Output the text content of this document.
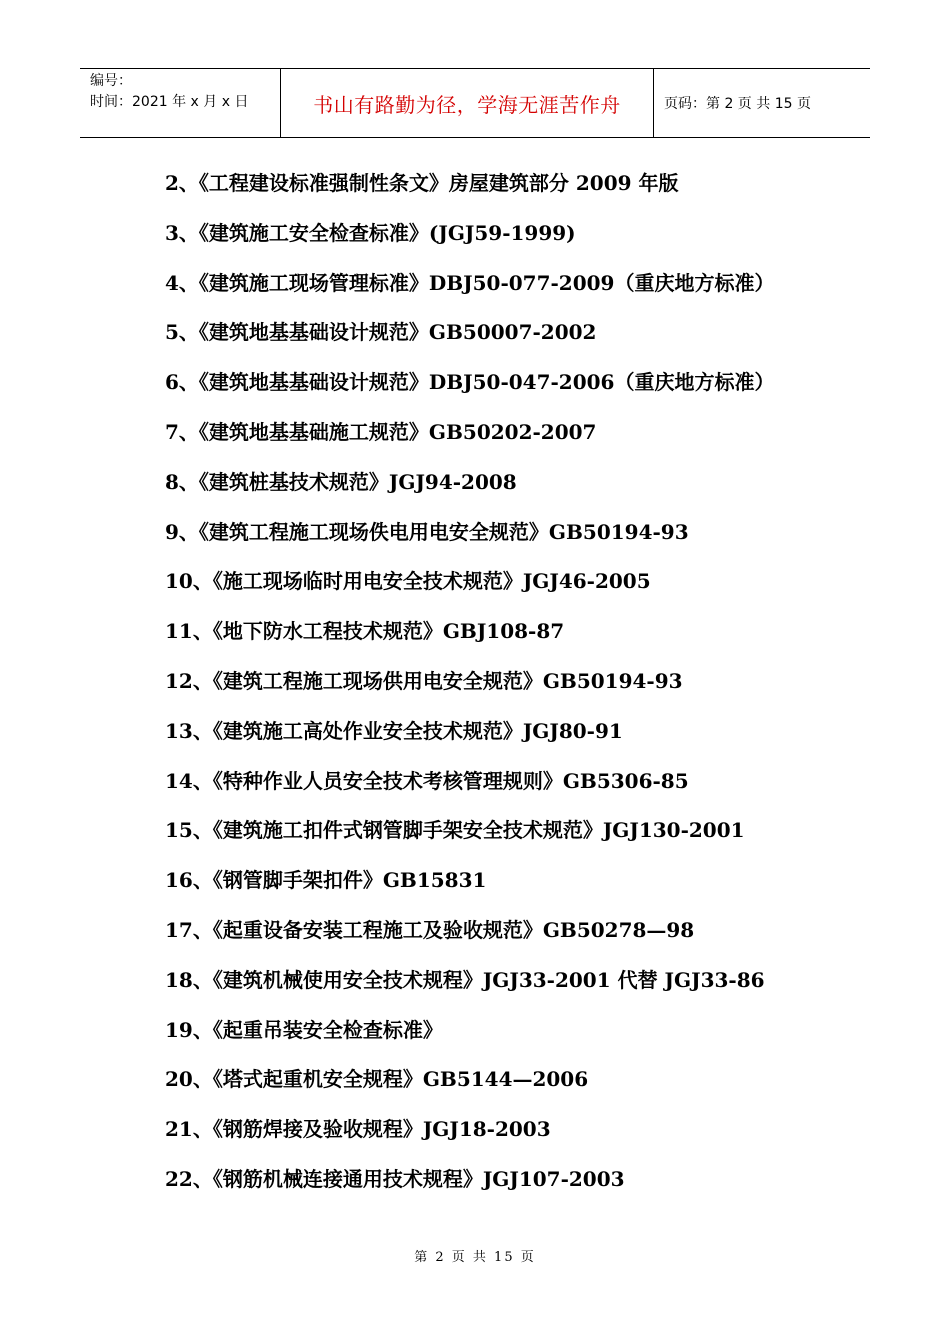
编号：
时间：2021 年 x 月 x 日	书山有路勤为径，学海无涯苦作舟	页码：第 2 页 共 15 页
2、《工程建设标准强制性条文》房屋建筑部分 2009 年版
3、《建筑施工安全检查标准》(JGJ59-1999)
4、《建筑施工现场管理标准》DBJ50-077-2009（重庆地方标准）
5、《建筑地基基础设计规范》GB50007-2002
6、《建筑地基基础设计规范》DBJ50-047-2006（重庆地方标准）
7、《建筑地基基础施工规范》GB50202-2007
8、《建筑桩基技术规范》JGJ94-2008
9、《建筑工程施工现场佚电用电安全规范》GB50194-93
10、《施工现场临时用电安全技术规范》JGJ46-2005
11、《地下防水工程技术规范》GBJ108-87
12、《建筑工程施工现场供用电安全规范》GB50194-93
13、《建筑施工高处作业安全技术规范》JGJ80-91
14、《特种作业人员安全技术考核管理规则》GB5306-85
15、《建筑施工扣件式钢管脚手架安全技术规范》JGJ130-2001
16、《钢管脚手架扣件》GB15831
17、《起重设备安装工程施工及验收规范》GB50278—98
18、《建筑机械使用安全技术规程》JGJ33-2001 代替 JGJ33-86
19、《起重吊装安全检查标准》
20、《塔式起重机安全规程》GB5144—2006
21、《钢筋焊接及验收规程》JGJ18-2003
22、《钢筋机械连接通用技术规程》JGJ107-2003
第 2 页 共 15 页
